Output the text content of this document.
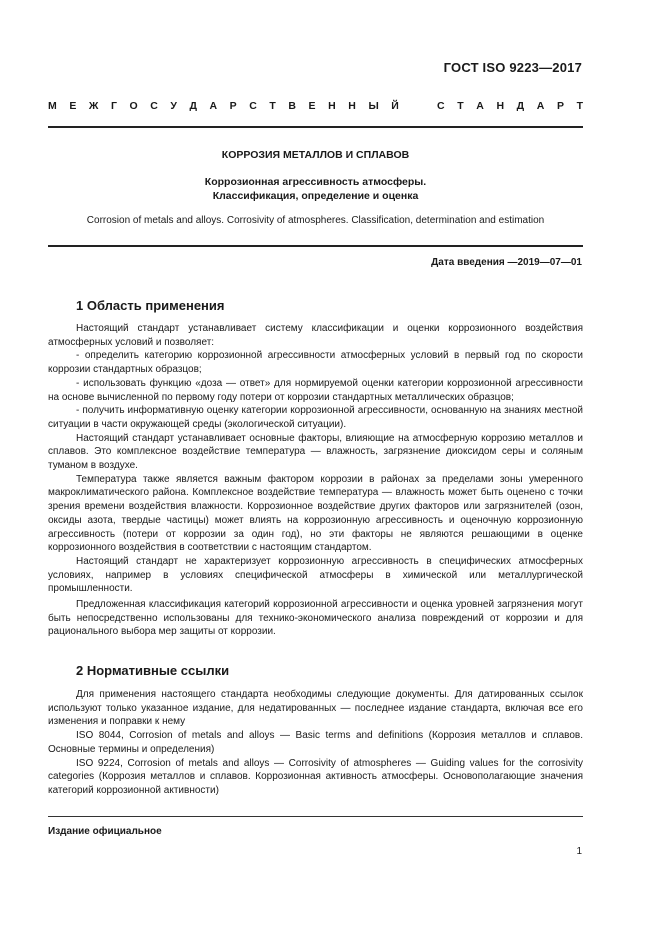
ГОСТ ISO 9223—2017
М Е Ж Г О С У Д А Р С Т В Е Н Н Ы Й	С Т А Н Д А Р Т
КОРРОЗИЯ МЕТАЛЛОВ И СПЛАВОВ
Коррозионная агрессивность атмосферы.
Классификация, определение и оценка
Corrosion of metals and alloys. Corrosivity of atmospheres. Classification, determination and estimation
Дата введения —2019—07—01
1 Область применения

Настоящий стандарт устанавливает систему классификации и оценки коррозионного воздействия атмосферных условий и позволяет:

- определить категорию коррозионной агрессивности атмосферных условий в первый год по скорости коррозии стандартных образцов;

- использовать функцию «доза — ответ» для нормируемой оценки категории коррозионной агрессивности на основе вычисленной по первому году потери от коррозии стандартных металлических образцов;

- получить информативную оценку категории коррозионной агрессивности, основанную на знаниях местной ситуации в части окружающей среды (экологической ситуации).

Настоящий стандарт устанавливает основные факторы, влияющие на атмосферную коррозию металлов и сплавов. Это комплексное воздействие температура — влажность, загрязнение диоксидом серы и соляным туманом в воздухе.

Температура также является важным фактором коррозии в районах за пределами зоны умеренного макроклиматического района. Комплексное воздействие температура — влажность может быть оценено с точки зрения времени воздействия влажности. Коррозионное воздействие других факторов или загрязнителей (озон, оксиды азота, твердые частицы) может влиять на коррозионную агрессивность и оценочную коррозионную агрессивность (потери от коррозии за один год), но эти факторы не являются решающими в оценке коррозионного воздействия в соответствии с настоящим стандартом.

Настоящий стандарт не характеризует коррозионную агрессивность в специфических атмосферных условиях, например в условиях специфической атмосферы в химической или металлургической промышленности.

Предложенная классификация категорий коррозионной агрессивности и оценка уровней загрязнения могут быть непосредственно использованы для технико-экономического анализа повреждений от коррозии и для рационального выбора мер защиты от коррозии.

2 Нормативные ссылки

Для применения настоящего стандарта необходимы следующие документы. Для датированных ссылок используют только указанное издание, для недатированных — последнее издание стандарта, включая все его изменения и поправки к нему

ISO 8044, Corrosion of metals and alloys — Basic terms and definitions (Коррозия металлов и сплавов. Основные термины и определения)

ISO 9224, Corrosion of metals and alloys — Corrosivity of atmospheres — Guiding values for the corrosivity categories (Коррозия металлов и сплавов. Коррозионная активность атмосферы. Основополагающие значения категорий коррозионной активности)

Издание официальное
1
